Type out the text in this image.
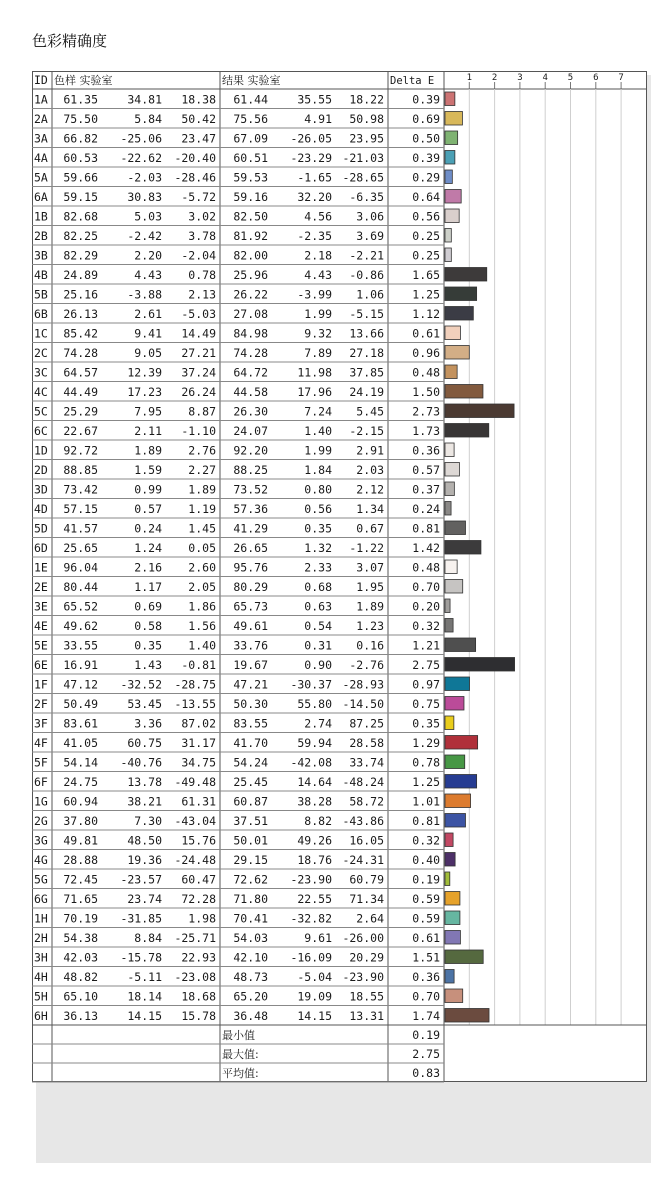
色彩精确度
ID 色样 实验室	结果 实验室	Delta E	1 2 3 4 5 6 7
1A 61.35	34.81 18.38 61.44	35.55 18.22 0.39
2A 75.50	5.84 50.42 75.56	4.91 50.98 0.69
3A 66.82 -25.06 23.47 67.09 -26.05 23.95 0.50
4A 60.53 -22.62 -20.40 60.51 -23.29 -21.03 0.39
5A 59.66	-2.03 -28.46 59.53	-1.65 -28.65 0.29
6A 59.15	30.83 -5.72 59.16	32.20 -6.35 0.64
1B 82.68	5.03 3.02 82.50	4.56 3.06 0.56
2B 82.25	-2.42 3.78 81.92	-2.35 3.69 0.25
3B 82.29	2.20 -2.04 82.00	2.18 -2.21 0.25
4B 24.89	4.43 0.78 25.96	4.43 -0.86 1.65
5B 25.16	-3.88 2.13 26.22	-3.99 1.06 1.25
6B 26.13	2.61 -5.03 27.08	1.99 -5.15 1.12
1C 85.42	9.41 14.49 84.98	9.32 13.66 0.61
2C 74.28	9.05 27.21 74.28	7.89 27.18 0.96
3C 64.57	12.39 37.24 64.72	11.98 37.85 0.48
4C 44.49	17.23 26.24 44.58	17.96 24.19 1.50
5C 25.29	7.95 8.87 26.30	7.24 5.45 2.73
6C 22.67	2.11 -1.10 24.07	1.40 -2.15 1.73
1D 92.72	1.89 2.76 92.20	1.99 2.91 0.36
2D 88.85	1.59 2.27 88.25	1.84 2.03 0.57
3D 73.42	0.99 1.89 73.52	0.80 2.12 0.37
4D 57.15	0.57 1.19 57.36	0.56 1.34 0.24
5D 41.57	0.24 1.45 41.29	0.35 0.67 0.81
6D 25.65	1.24 0.05 26.65	1.32 -1.22 1.42
1E 96.04	2.16 2.60 95.76	2.33 3.07 0.48
2E 80.44	1.17 2.05 80.29	0.68 1.95 0.70
3E 65.52	0.69 1.86 65.73	0.63 1.89 0.20
4E 49.62	0.58 1.56 49.61	0.54 1.23 0.32
5E 33.55	0.35 1.40 33.76	0.31 0.16 1.21
6E 16.91	1.43 -0.81 19.67	0.90 -2.76 2.75
1F 47.12 -32.52 -28.75 47.21 -30.37 -28.93 0.97
2F 50.49	53.45 -13.55 50.30	55.80 -14.50 0.75
3F 83.61	3.36 87.02 83.55	2.74 87.25 0.35
4F 41.05	60.75 31.17 41.70	59.94 28.58 1.29
5F 54.14 -40.76 34.75 54.24 -42.08 33.74 0.78
6F 24.75	13.78 -49.48 25.45	14.64 -48.24 1.25
1G 60.94	38.21 61.31 60.87	38.28 58.72 1.01
2G 37.80	7.30 -43.04 37.51	8.82 -43.86 0.81
3G 49.81	48.50 15.76 50.01	49.26 16.05 0.32
4G 28.88	19.36 -24.48 29.15	18.76 -24.31 0.40
5G 72.45 -23.57 60.47 72.62 -23.90 60.79 0.19
6G 71.65	23.74 72.28 71.80	22.55 71.34 0.59
1H 70.19 -31.85 1.98 70.41 -32.82 2.64 0.59
2H 54.38	8.84 -25.71 54.03	9.61 -26.00 0.61
3H 42.03 -15.78 22.93 42.10 -16.09 20.29 1.51
4H 48.82	-5.11 -23.08 48.73	-5.04 -23.90 0.36
5H 65.10	18.14 18.68 65.20	19.09 18.55 0.70
6H 36.13	14.15 15.78 36.48	14.15 13.31 1.74
最小值	0.19
最大值:	2.75
平均值:	0.83
